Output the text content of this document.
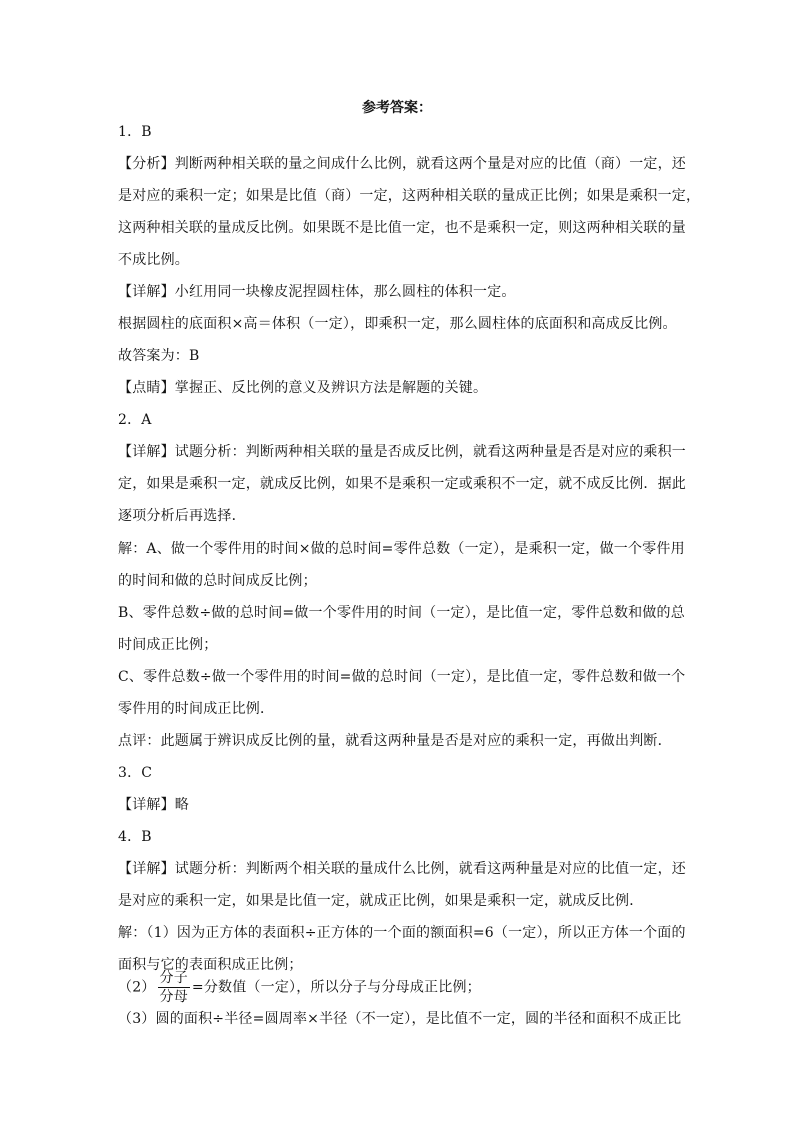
参考答案：
1．B
【分析】判断两种相关联的量之间成什么比例，就看这两个量是对应的比值（商）一定，还
是对应的乘积一定；如果是比值（商）一定，这两种相关联的量成正比例；如果是乘积一定，
这两种相关联的量成反比例。如果既不是比值一定，也不是乘积一定，则这两种相关联的量
不成比例。
【详解】小红用同一块橡皮泥捏圆柱体，那么圆柱的体积一定。
根据圆柱的底面积×高＝体积（一定），即乘积一定，那么圆柱体的底面积和高成反比例。
故答案为：B
【点睛】掌握正、反比例的意义及辨识方法是解题的关键。
2．A
【详解】试题分析：判断两种相关联的量是否成反比例，就看这两种量是否是对应的乘积一
定，如果是乘积一定，就成反比例，如果不是乘积一定或乘积不一定，就不成反比例．据此
逐项分析后再选择．
解：A、做一个零件用的时间×做的总时间=零件总数（一定），是乘积一定，做一个零件用
的时间和做的总时间成反比例；
B、零件总数÷做的总时间=做一个零件用的时间（一定），是比值一定，零件总数和做的总
时间成正比例；
C、零件总数÷做一个零件用的时间=做的总时间（一定），是比值一定，零件总数和做一个
零件用的时间成正比例．
点评：此题属于辨识成反比例的量，就看这两种量是否是对应的乘积一定，再做出判断．
3．C
【详解】略
4．B
【详解】试题分析：判断两个相关联的量成什么比例，就看这两种量是对应的比值一定，还
是对应的乘积一定，如果是比值一定，就成正比例，如果是乘积一定，就成反比例．
解：（1）因为正方体的表面积÷正方体的一个面的额面积=6（一定），所以正方体一个面的
面积与它的表面积成正比例；
$(2) \frac{\text{分子}}{\text{分母}}$ =分数值（一定），所以分子与分母成正比例；
（3）圆的面积÷半径=圆周率×半径（不一定），是比值不一定，圆的半径和面积不成正比
